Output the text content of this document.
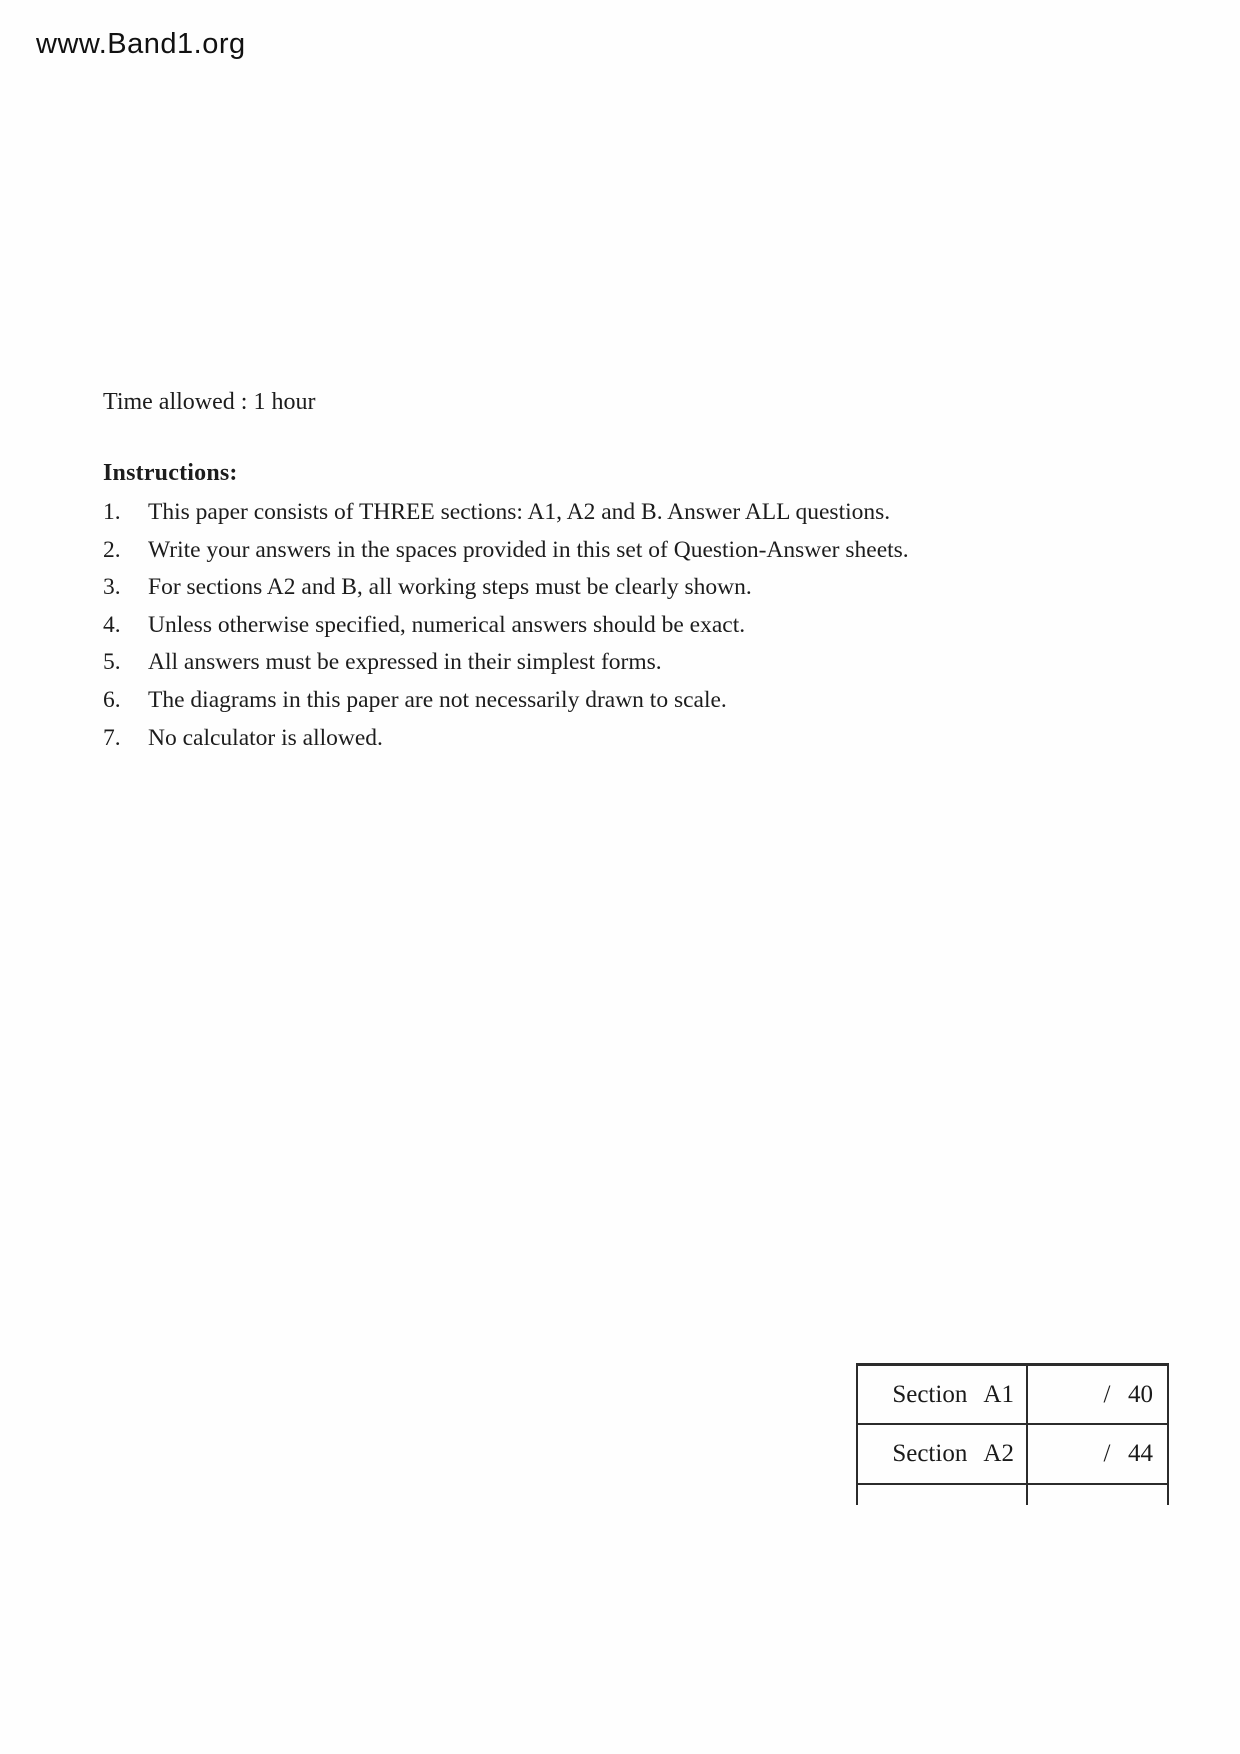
www.Band1.org
Time allowed : 1 hour
Instructions:
1.	This paper consists of THREE sections: A1, A2 and B. Answer ALL questions.
2.	Write your answers in the spaces provided in this set of Question-Answer sheets.
3.	For sections A2 and B, all working steps must be clearly shown.
4.	Unless otherwise specified, numerical answers should be exact.
5.	All answers must be expressed in their simplest forms.
6.	The diagrams in this paper are not necessarily drawn to scale.
7.	No calculator is allowed.
Section A1	/ 40
Section A2	/ 44
